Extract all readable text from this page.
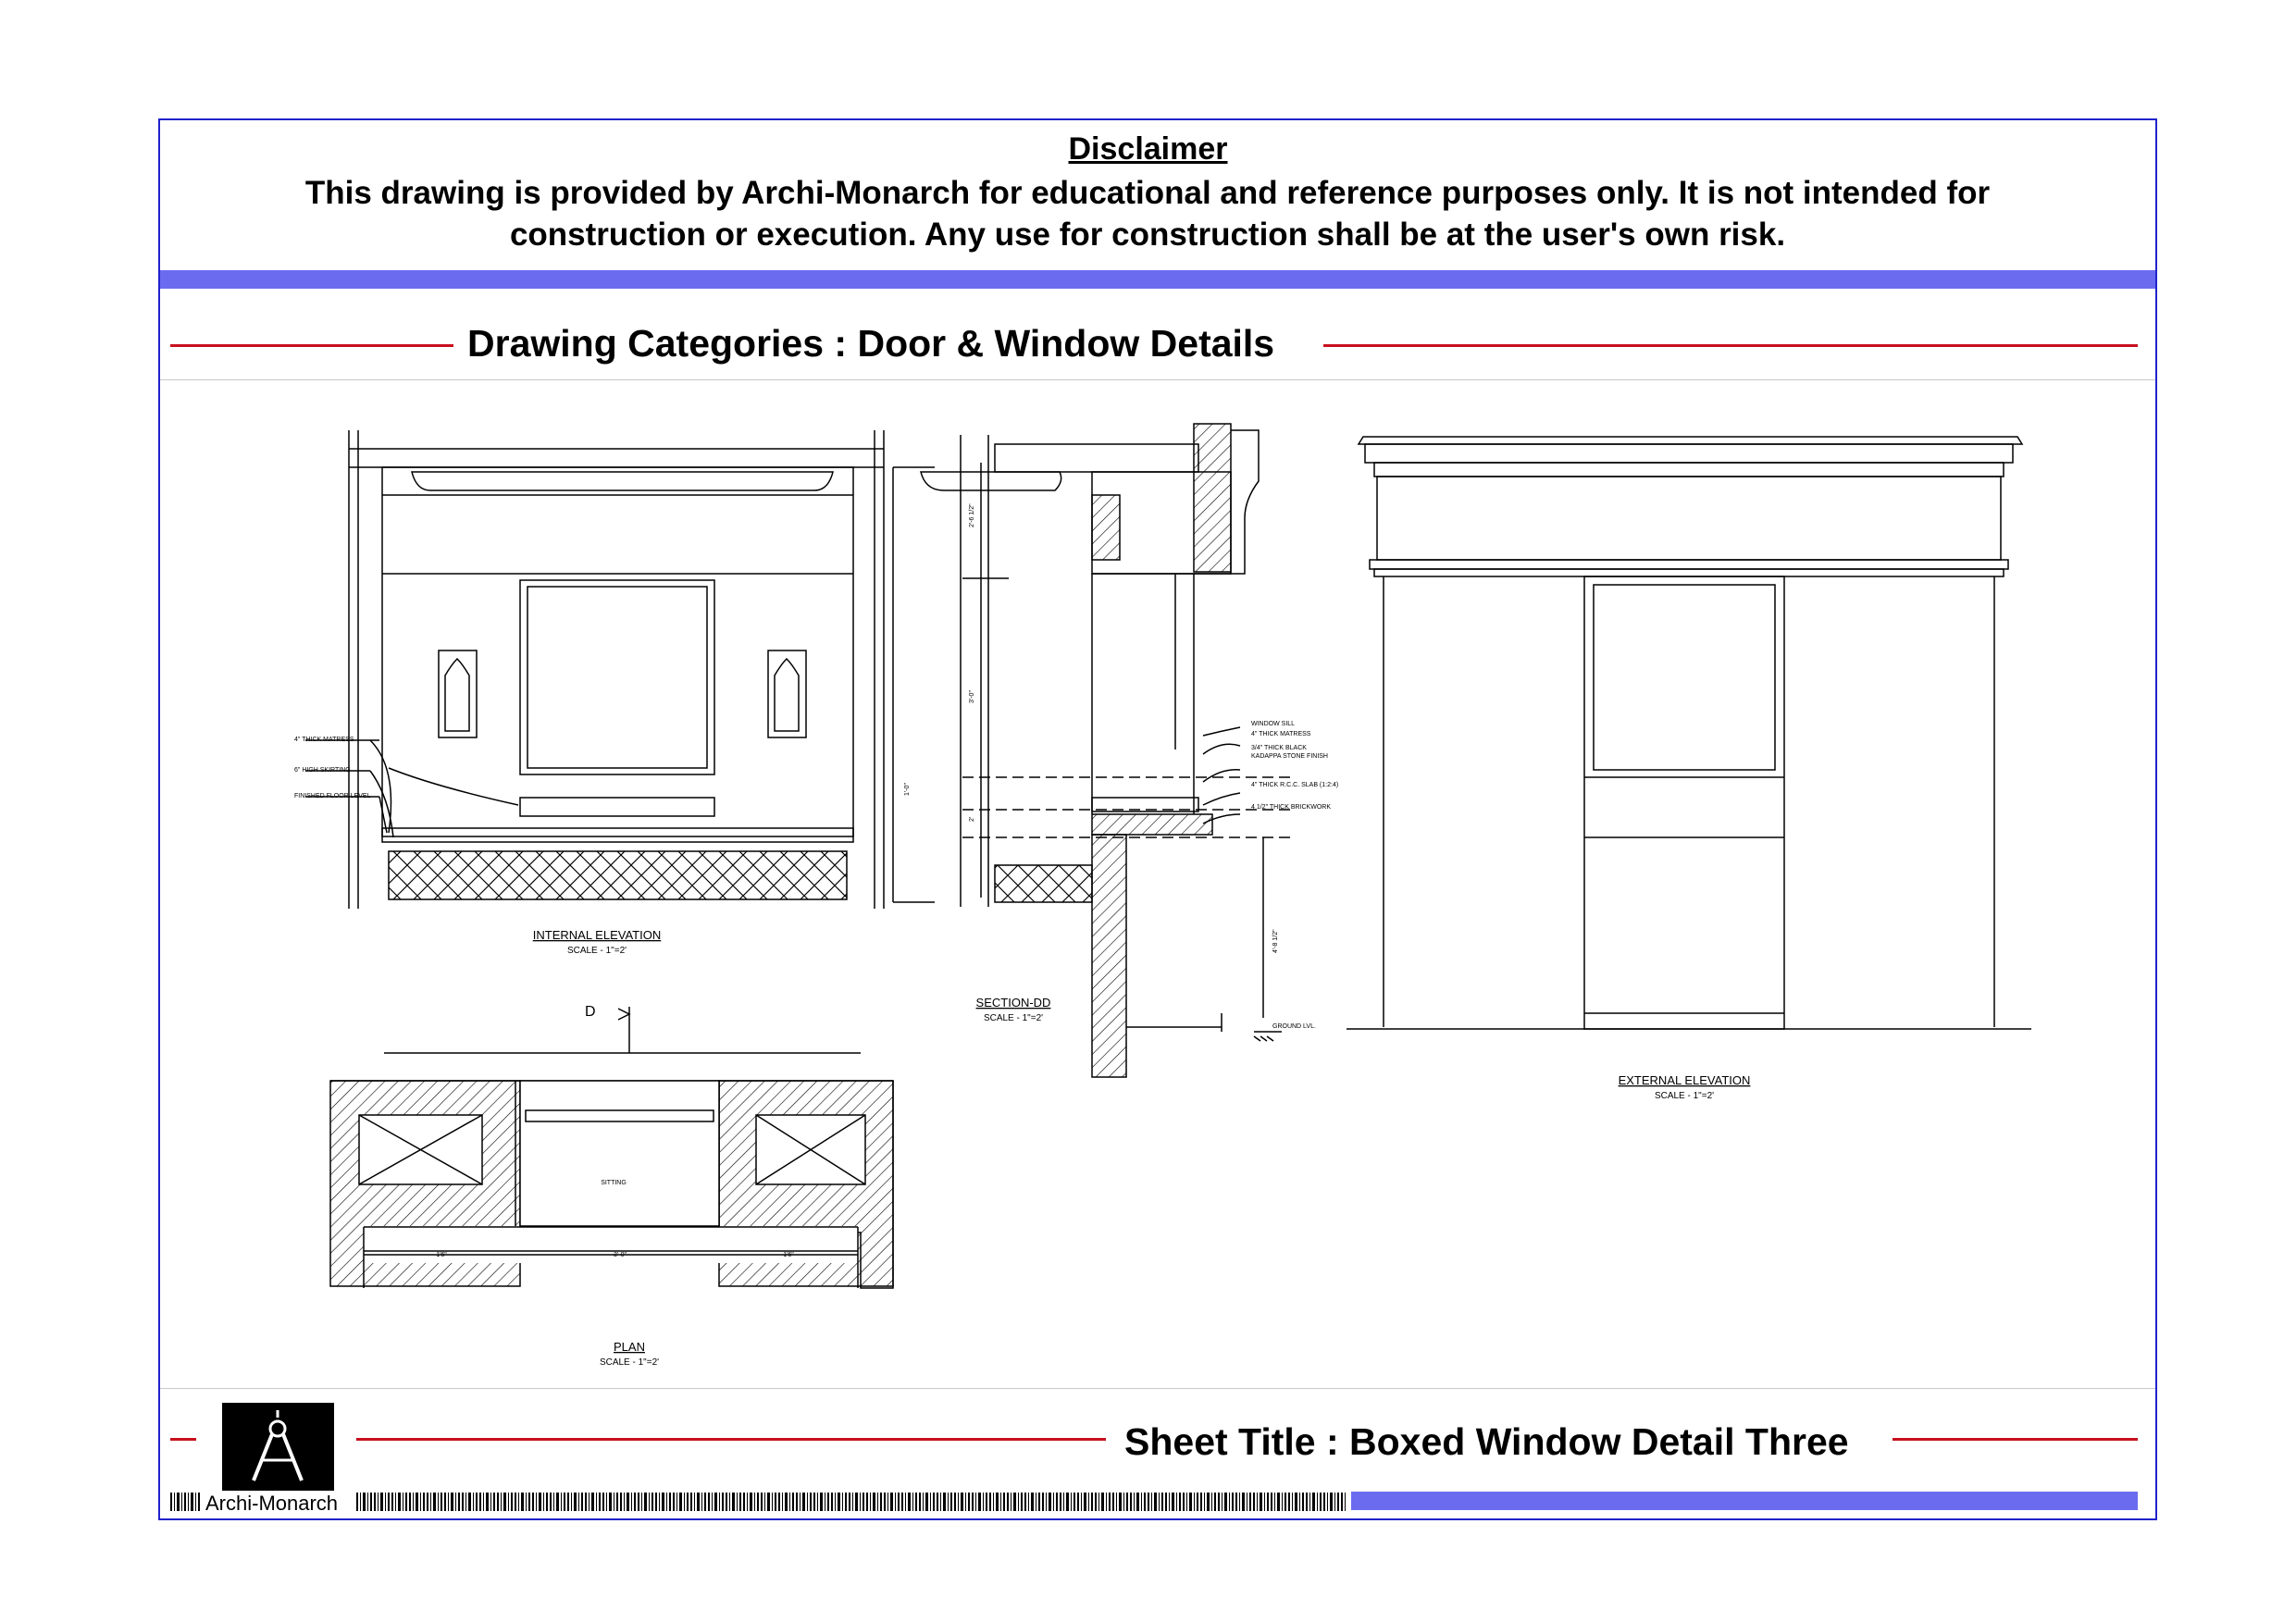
Disclaimer
This drawing is provided by Archi-Monarch for educational and reference purposes only. It is not intended for construction or execution. Any use for construction shall be at the user's own risk.
Drawing Categories : Door & Window Details
4" THICK MATRESS
6" HIGH SKIRTING
FINISHED FLOOR LEVEL
INTERNAL ELEVATION
SCALE - 1"=2'
WINDOW SILL
4" THICK MATRESS
3/4" THICK BLACK
KADAPPA STONE FINISH
4" THICK R.C.C. SLAB (1:2:4)
4 1/2" THICK BRICKWORK
GROUND LVL.
2'-6 1/2"
3'-0"
1'-0"
2'
4'-8 1/2"
SECTION-DD
SCALE - 1"=2'
EXTERNAL ELEVATION
SCALE - 1"=2'
D
SITTING
1'6"	3'-0"	1'6"
PLAN
SCALE - 1"=2'
Sheet Title : Boxed Window Detail Three
Archi-Monarch
